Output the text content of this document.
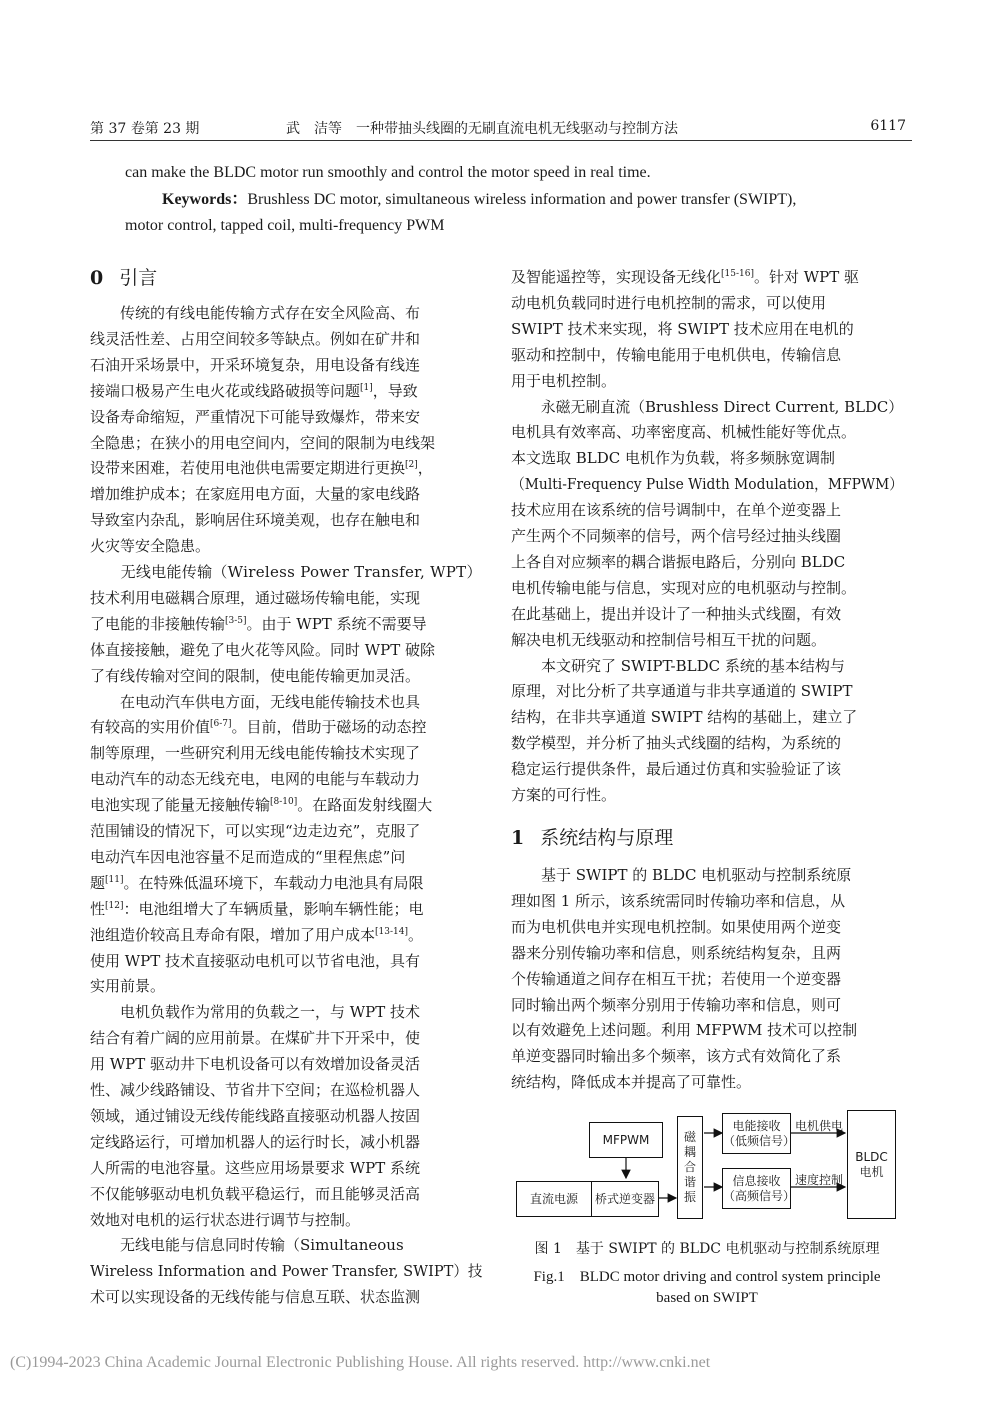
第 37 卷第 23 期	武　洁等　一种带抽头线圈的无刷直流电机无线驱动与控制方法	6117
can make the BLDC motor run smoothly and control the motor speed in real time.
Keywords：Brushless DC motor, simultaneous wireless information and power transfer (SWIPT),
motor control, tapped coil, multi-frequency PWM
0 引言
　　传统的有线电能传输方式存在安全风险高、布
线灵活性差、占用空间较多等缺点。例如在矿井和
石油开采场景中，开采环境复杂，用电设备有线连
接端口极易产生电火花或线路破损等问题[1]，导致
设备寿命缩短，严重情况下可能导致爆炸，带来安
全隐患；在狭小的用电空间内，空间的限制为电线架
设带来困难，若使用电池供电需要定期进行更换[2]，
增加维护成本；在家庭用电方面，大量的家电线路
导致室内杂乱，影响居住环境美观，也存在触电和
火灾等安全隐患。
　　无线电能传输（Wireless Power Transfer, WPT）
技术利用电磁耦合原理，通过磁场传输电能，实现
了电能的非接触传输[3-5]。由于 WPT 系统不需要导
体直接接触，避免了电火花等风险。同时 WPT 破除
了有线传输对空间的限制，使电能传输更加灵活。
　　在电动汽车供电方面，无线电能传输技术也具
有较高的实用价值[6-7]。目前，借助于磁场的动态控
制等原理，一些研究利用无线电能传输技术实现了
电动汽车的动态无线充电，电网的电能与车载动力
电池实现了能量无接触传输[8-10]。在路面发射线圈大
范围铺设的情况下，可以实现“边走边充”，克服了
电动汽车因电池容量不足而造成的“里程焦虑”问
题[11]。在特殊低温环境下，车载动力电池具有局限
性[12]：电池组增大了车辆质量，影响车辆性能；电
池组造价较高且寿命有限，增加了用户成本[13-14]。
使用 WPT 技术直接驱动电机可以节省电池，具有
实用前景。
　　电机负载作为常用的负载之一，与 WPT 技术
结合有着广阔的应用前景。在煤矿井下开采中，使
用 WPT 驱动井下电机设备可以有效增加设备灵活
性、减少线路铺设、节省井下空间；在巡检机器人
领域，通过铺设无线传能线路直接驱动机器人按固
定线路运行，可增加机器人的运行时长，减小机器
人所需的电池容量。这些应用场景要求 WPT 系统
不仅能够驱动电机负载平稳运行，而且能够灵活高
效地对电机的运行状态进行调节与控制。
　　无线电能与信息同时传输（Simultaneous
Wireless Information and Power Transfer, SWIPT）技
术可以实现设备的无线传能与信息互联、状态监测
及智能遥控等，实现设备无线化[15-16]。针对 WPT 驱
动电机负载同时进行电机控制的需求，可以使用
SWIPT 技术来实现，将 SWIPT 技术应用在电机的
驱动和控制中，传输电能用于电机供电，传输信息
用于电机控制。
　　永磁无刷直流（Brushless Direct Current, BLDC）
电机具有效率高、功率密度高、机械性能好等优点。
本文选取 BLDC 电机作为负载，将多频脉宽调制
（Multi-Frequency Pulse Width Modulation，MFPWM）
技术应用在该系统的信号调制中，在单个逆变器上
产生两个不同频率的信号，两个信号经过抽头线圈
上各自对应频率的耦合谐振电路后，分别向 BLDC
电机传输电能与信息，实现对应的电机驱动与控制。
在此基础上，提出并设计了一种抽头式线圈，有效
解决电机无线驱动和控制信号相互干扰的问题。
　　本文研究了 SWIPT-BLDC 系统的基本结构与
原理，对比分析了共享通道与非共享通道的 SWIPT
结构，在非共享通道 SWIPT 结构的基础上，建立了
数学模型，并分析了抽头式线圈的结构，为系统的
稳定运行提供条件，最后通过仿真和实验验证了该
方案的可行性。
1 系统结构与原理
　　基于 SWIPT 的 BLDC 电机驱动与控制系统原
理如图 1 所示，该系统需同时传输功率和信息，从
而为电机供电并实现电机控制。如果使用两个逆变
器来分别传输功率和信息，则系统结构复杂，且两
个传输通道之间存在相互干扰；若使用一个逆变器
同时输出两个频率分别用于传输功率和信息，则可
以有效避免上述问题。利用 MFPWM 技术可以控制
单逆变器同时输出多个频率，该方式有效简化了系
统结构，降低成本并提高了可靠性。
MFPWM
直流电源 桥式逆变器
磁耦合谐振
电能接收
（低频信号）
信息接收
（高频信号）
电机供电
速度控制
BLDC
电机
图 1　基于 SWIPT 的 BLDC 电机驱动与控制系统原理
Fig.1　BLDC motor driving and control system principle
based on SWIPT
(C)1994-2023 China Academic Journal Electronic Publishing House. All rights reserved. http://www.cnki.net
